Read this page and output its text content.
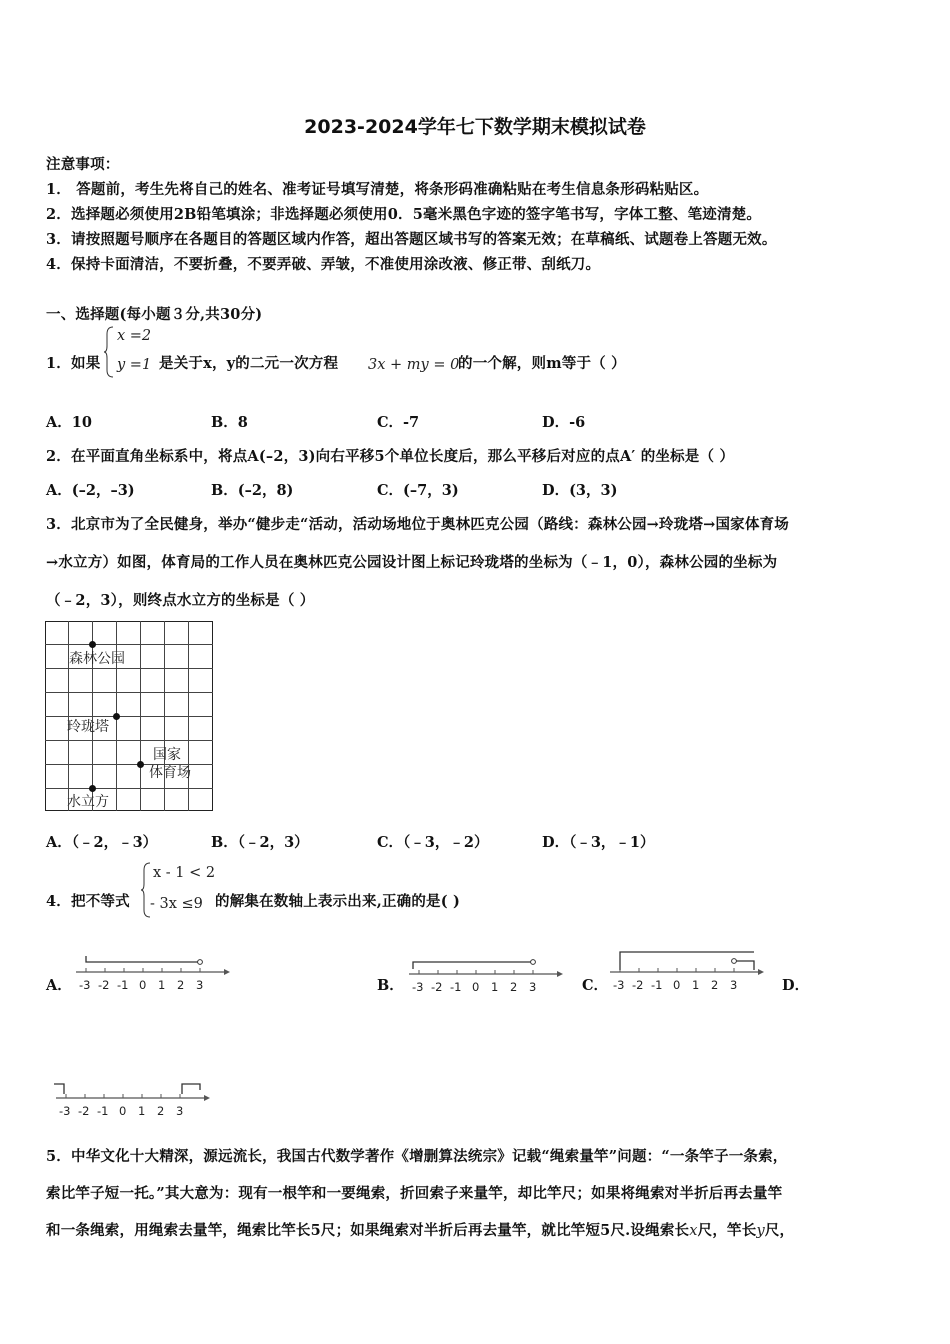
2023-2024学年七下数学期末模拟试卷
注意事项：
1． 答题前，考生先将自己的姓名、准考证号填写清楚，将条形码准确粘贴在考生信息条形码粘贴区。
2．选择题必须使用2B铅笔填涂；非选择题必须使用0．5毫米黑色字迹的签字笔书写，字体工整、笔迹清楚。
3．请按照题号顺序在各题目的答题区域内作答，超出答题区域书写的答案无效；在草稿纸、试题卷上答题无效。
4．保持卡面清洁，不要折叠，不要弄破、弄皱，不准使用涂改液、修正带、刮纸刀。
一、选择题(每小题３分,共30分)
1．如果
x =2
y =1 是关于x，y的二元一次方程 3x + my = 0
的一个解，则m等于（ ）
A．10	B．8	C．-7	D．-6
2．在平面直角坐标系中，将点A(–2，3)向右平移5个单位长度后，那么平移后对应的点A′ 的坐标是（ ）
A．(–2，–3)	B．(–2，8)	C．(–7，3)	D．(3，3)
3．北京市为了全民健身，举办“健步走“活动，活动场地位于奥林匹克公园（路线：森林公园→玲珑塔→国家体育场
→水立方）如图，体育局的工作人员在奥林匹克公园设计图上标记玲珑塔的坐标为（﹣1，0），森林公园的坐标为
（﹣2，3），则终点水立方的坐标是（ ）
森林公园
玲珑塔
国家
体育场
水立方
A．（﹣2，﹣3）	B．（﹣2，3）	C．（﹣3，﹣2）	D．（﹣3，﹣1）
4．把不等式
x - 1 < 2
- 3x ≤9 的解集在数轴上表示出来,正确的是( )
A． -3 -2 -1 0 1 2 3	B． -3 -2 -1 0 1 2 3	C． -3 -2 -1 0 1 2 3	D．
-3 -2 -1 0 1 2 3
5．中华文化十大精深，源远流长，我国古代数学著作《增删算法统宗》记载“绳索量竿”问题：“一条竿子一条索，
索比竿子短一托。”其大意为：现有一根竿和一要绳索，折回索子来量竿，却比竿尺；如果将绳索对半折后再去量竿
和一条绳索，用绳索去量竿，绳索比竿长5尺；如果绳索对半折后再去量竿，就比竿短5尺.设绳索长x尺，竿长y尺，
